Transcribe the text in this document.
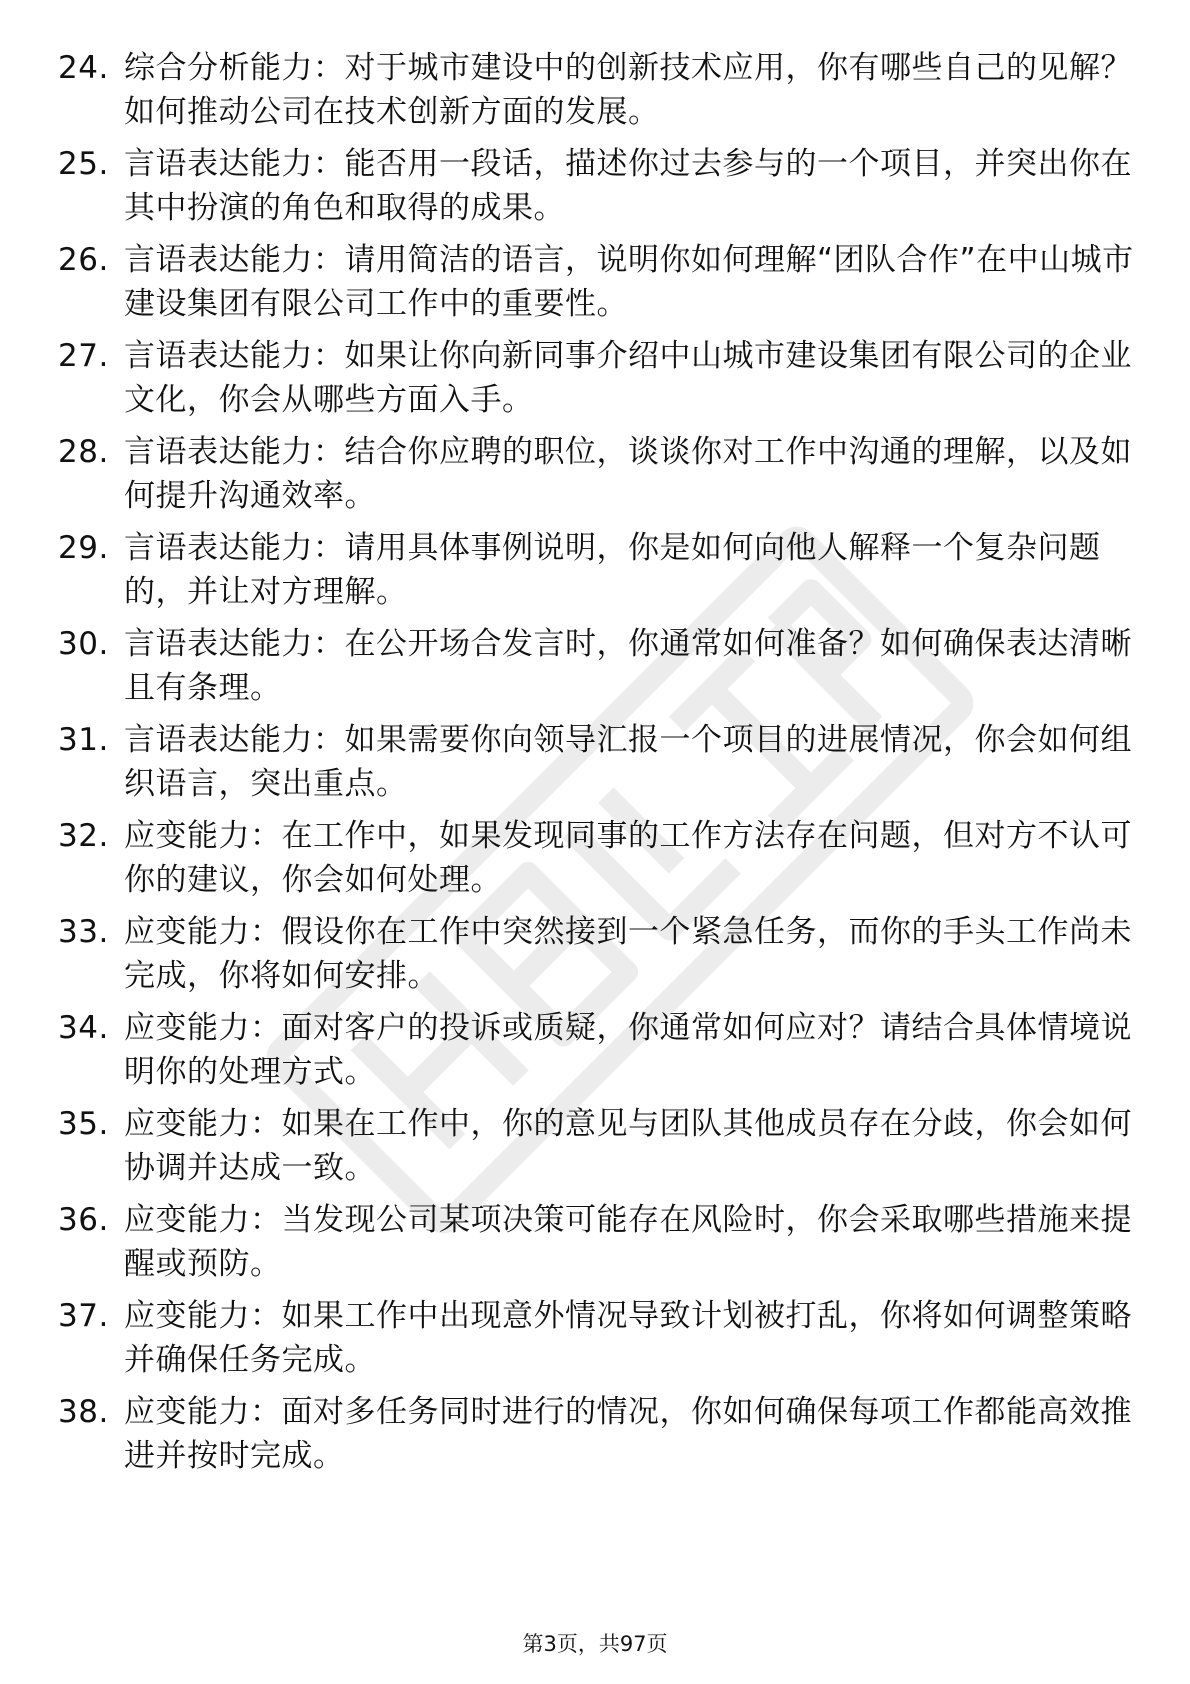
24. 综合分析能力：对于城市建设中的创新技术应用，你有哪些自己的见解？如何推动公司在技术创新方面的发展。
25. 言语表达能力：能否用一段话，描述你过去参与的一个项目，并突出你在其中扮演的角色和取得的成果。
26. 言语表达能力：请用简洁的语言，说明你如何理解“团队合作”在中山城市建设集团有限公司工作中的重要性。
27. 言语表达能力：如果让你向新同事介绍中山城市建设集团有限公司的企业文化，你会从哪些方面入手。
28. 言语表达能力：结合你应聘的职位，谈谈你对工作中沟通的理解，以及如何提升沟通效率。
29. 言语表达能力：请用具体事例说明，你是如何向他人解释一个复杂问题的，并让对方理解。
30. 言语表达能力：在公开场合发言时，你通常如何准备？如何确保表达清晰且有条理。
31. 言语表达能力：如果需要你向领导汇报一个项目的进展情况，你会如何组织语言，突出重点。
32. 应变能力：在工作中，如果发现同事的工作方法存在问题，但对方不认可你的建议，你会如何处理。
33. 应变能力：假设你在工作中突然接到一个紧急任务，而你的手头工作尚未完成，你将如何安排。
34. 应变能力：面对客户的投诉或质疑，你通常如何应对？请结合具体情境说明你的处理方式。
35. 应变能力：如果在工作中，你的意见与团队其他成员存在分歧，你会如何协调并达成一致。
36. 应变能力：当发现公司某项决策可能存在风险时，你会采取哪些措施来提醒或预防。
37. 应变能力：如果工作中出现意外情况导致计划被打乱，你将如何调整策略并确保任务完成。
38. 应变能力：面对多任务同时进行的情况，你如何确保每项工作都能高效推进并按时完成。
第3页，共97页
